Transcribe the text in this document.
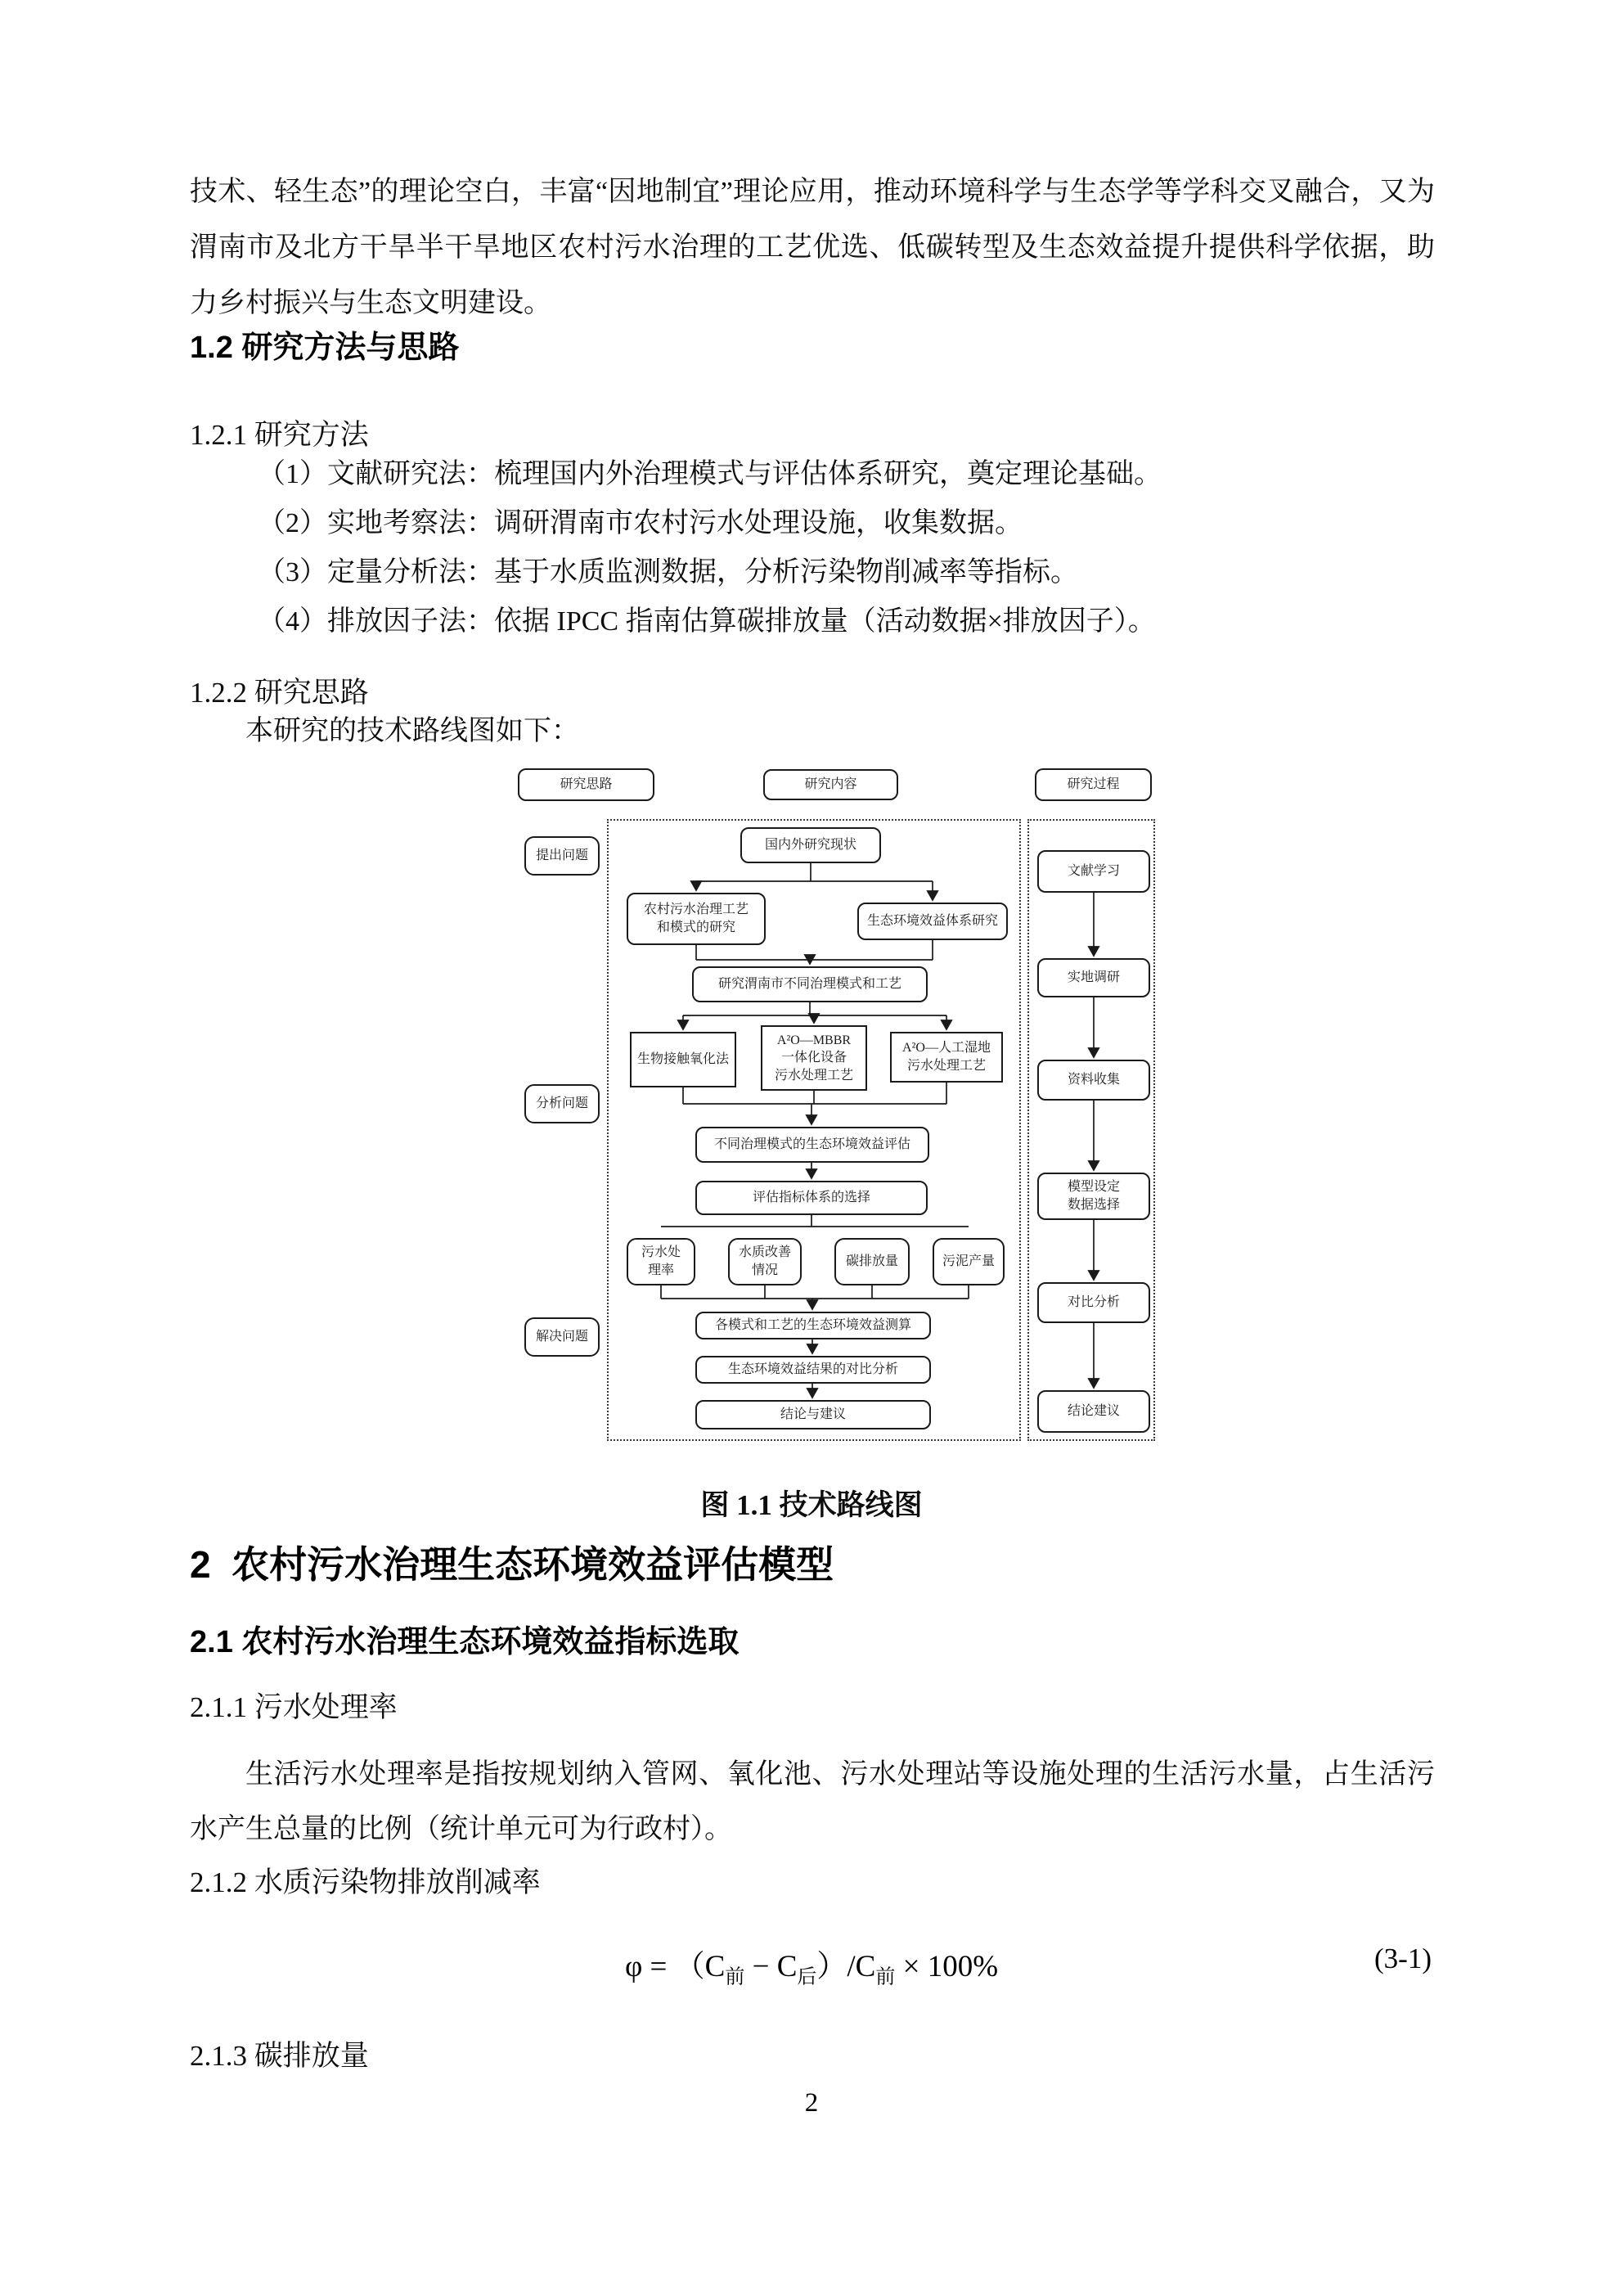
技术、轻生态”的理论空白，丰富“因地制宜”理论应用，推动环境科学与生态学等学科交叉融合，又为渭南市及北方干旱半干旱地区农村污水治理的工艺优选、低碳转型及生态效益提升提供科学依据，助力乡村振兴与生态文明建设。

1.2 研究方法与思路
1.2.1 研究方法

（1）文献研究法：梳理国内外治理模式与评估体系研究，奠定理论基础。

（2）实地考察法：调研渭南市农村污水处理设施，收集数据。

（3）定量分析法：基于水质监测数据，分析污染物削减率等指标。

（4）排放因子法：依据 IPCC 指南估算碳排放量（活动数据×排放因子）。

1.2.2 研究思路

本研究的技术路线图如下：

研究思路	研究内容	研究过程
提出问题
分析问题
解决问题
国内外研究现状
农村污水治理工艺
和模式的研究	生态环境效益体系研究
研究渭南市不同治理模式和工艺
生物接触氧化法
A²O—MBBR
一体化设备
污水处理工艺
A²O—人工湿地
污水处理工艺
不同治理模式的生态环境效益评估
评估指标体系的选择
污水处
理率
水质改善
情况
碳排放量	污泥产量
各模式和工艺的生态环境效益测算
生态环境效益结果的对比分析
结论与建议
文献学习
实地调研
资料收集
模型设定
数据选择
对比分析
结论建议

图 1.1 技术路线图

2  农村污水治理生态环境效益评估模型
2.1 农村污水治理生态环境效益指标选取
2.1.1 污水处理率

生活污水处理率是指按规划纳入管网、氧化池、污水处理站等设施处理的生活污水量，占生活污水产生总量的比例（统计单元可为行政村）。

2.1.2 水质污染物排放削减率
$\varphi = (C_前 - C_后)/C_前 \times 100\%$	(3-1)
2.1.3 碳排放量
2
